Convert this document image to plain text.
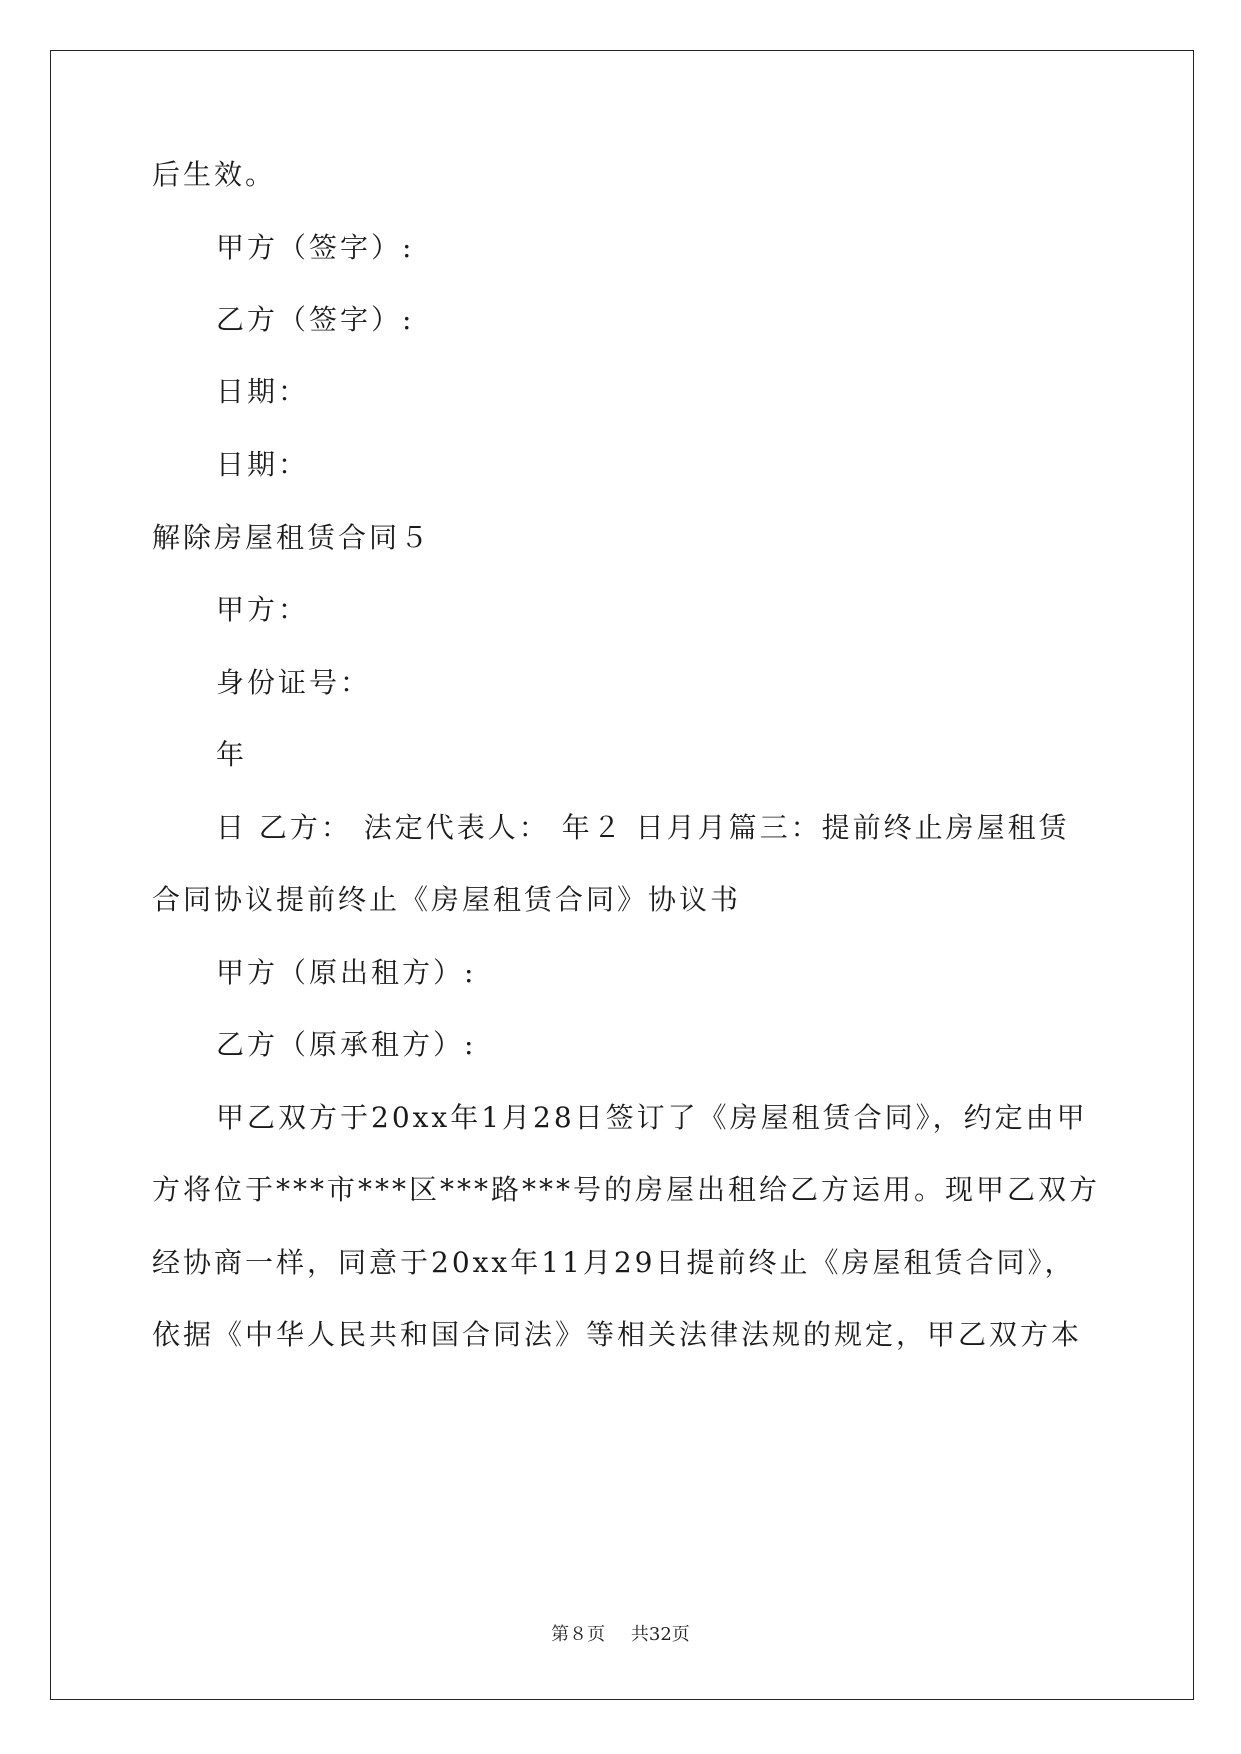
后生效。
甲方（签字）:
乙方（签字）:
日期：
日期：
解除房屋租赁合同５
甲方：
身份证号：
年
日 乙方： 法定代表人： 年２ 日月月篇三：提前终止房屋租赁
合同协议提前终止《房屋租赁合同》协议书
甲方（原出租方）:
乙方（原承租方）:
甲乙双方于20xx年1月28日签订了《房屋租赁合同》，约定由甲
方将位于***市***区***路***号的房屋出租给乙方运用。现甲乙双方
经协商一样，同意于20xx年11月29日提前终止《房屋租赁合同》，
依据《中华人民共和国合同法》等相关法律法规的规定，甲乙双方本
第８页 共32页
